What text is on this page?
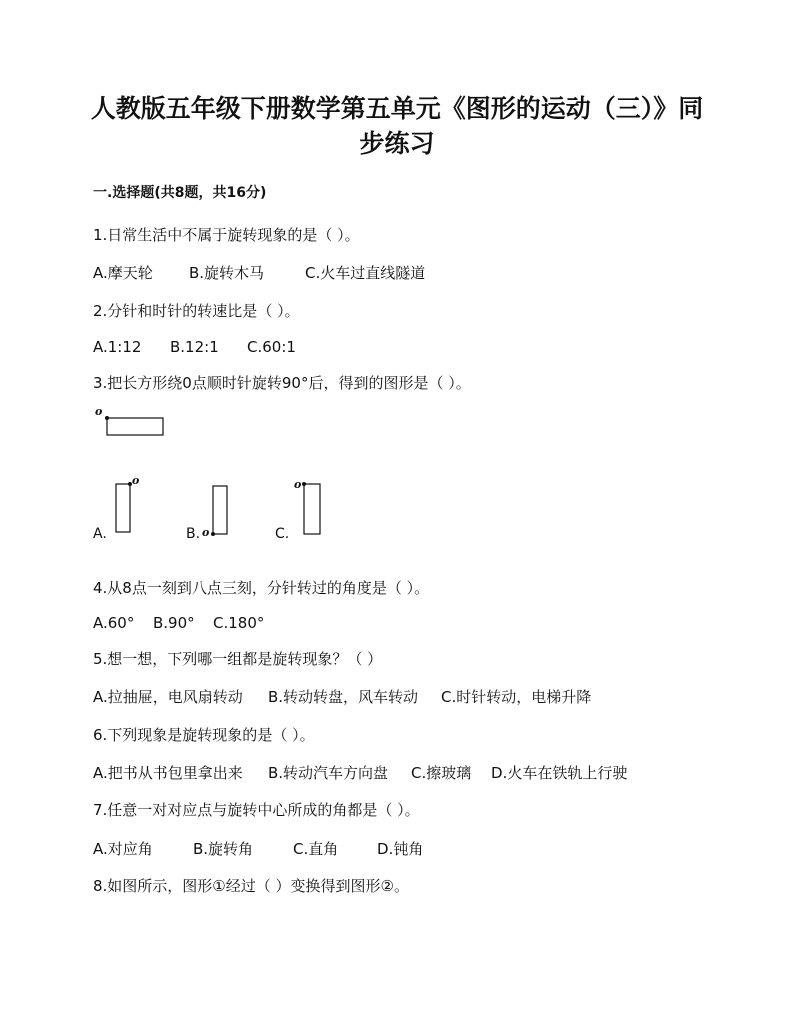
人教版五年级下册数学第五单元《图形的运动（三）》同
步练习
一.选择题(共8题，共16分)
1.日常生活中不属于旋转现象的是（ ）。
A.摩天轮 B.旋转木马	C.火车过直线隧道
2.分针和时针的转速比是（ ）。
A.1:12 B.12:1 C.60:1
3.把长方形绕0点顺时针旋转90°后，得到的图形是（ ）。
o
A.
o
B. o	C.
o
4.从8点一刻到八点三刻，分针转过的角度是（ ）。
A.60° B.90° C.180°
5.想一想，下列哪一组都是旋转现象？（ ）
A.拉抽屉，电风扇转动 B.转动转盘，风车转动 C.时针转动，电梯升降
6.下列现象是旋转现象的是（ ）。
A.把书从书包里拿出来 B.转动汽车方向盘 C.擦玻璃 D.火车在铁轨上行驶
7.任意一对对应点与旋转中心所成的角都是（ ）。
A.对应角	B.旋转角	C.直角	D.钝角
8.如图所示，图形①经过（ ）变换得到图形②。
